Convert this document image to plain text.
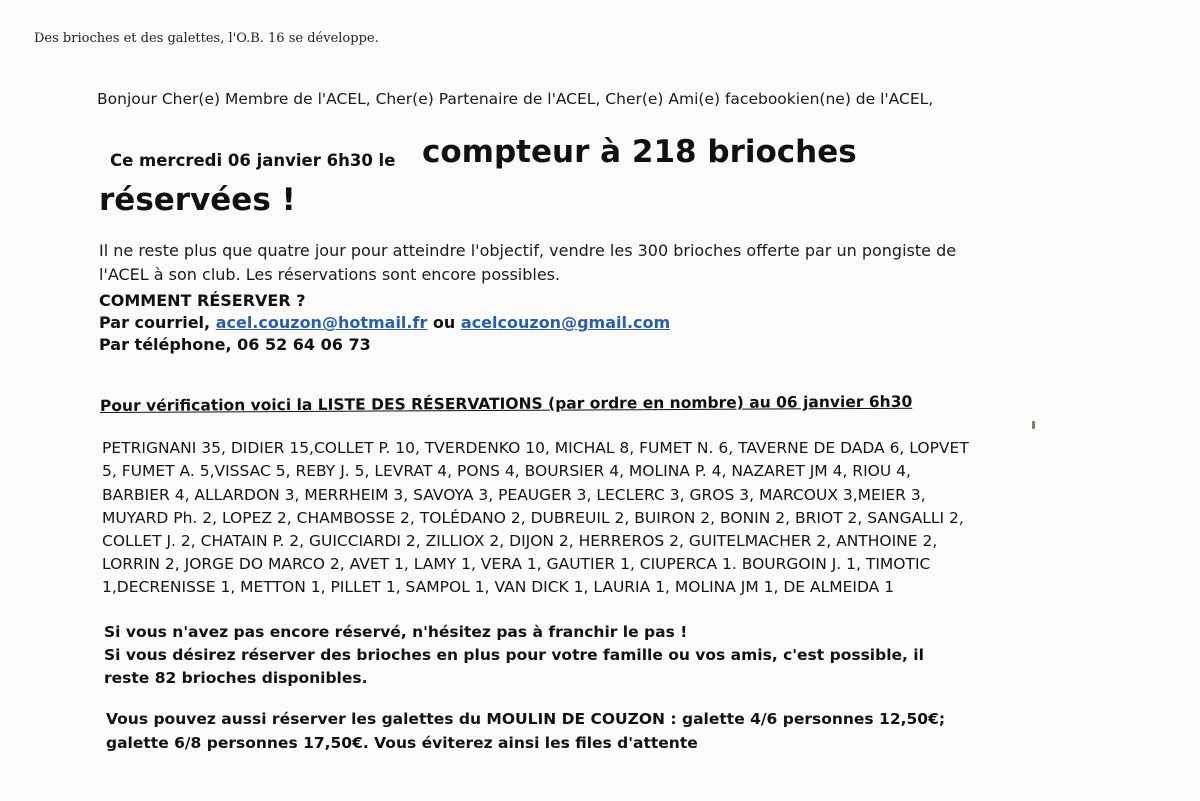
Des brioches et des galettes, l'O.B. 16 se développe.
Bonjour Cher(e) Membre de l'ACEL, Cher(e) Partenaire de l'ACEL, Cher(e) Ami(e) facebookien(ne) de l'ACEL,
Ce mercredi 06 janvier 6h30 le compteur à 218 brioches
réservées !
Il ne reste plus que quatre jour pour atteindre l'objectif, vendre les 300 brioches offerte par un pongiste de
l'ACEL à son club. Les réservations sont encore possibles.
COMMENT RÉSERVER ?
Par courriel, acel.couzon@hotmail.fr ou acelcouzon@gmail.com
Par téléphone, 06 52 64 06 73
Pour vérification voici la LISTE DES RÉSERVATIONS (par ordre en nombre) au 06 janvier 6h30
PETRIGNANI 35, DIDIER 15,COLLET P. 10, TVERDENKO 10, MICHAL 8, FUMET N. 6, TAVERNE DE DADA 6, LOPVET
5, FUMET A. 5,VISSAC 5, REBY J. 5, LEVRAT 4, PONS 4, BOURSIER 4, MOLINA P. 4, NAZARET JM 4, RIOU 4,
BARBIER 4, ALLARDON 3, MERRHEIM 3, SAVOYA 3, PEAUGER 3, LECLERC 3, GROS 3, MARCOUX 3,MEIER 3,
MUYARD Ph. 2, LOPEZ 2, CHAMBOSSE 2, TOLÉDANO 2, DUBREUIL 2, BUIRON 2, BONIN 2, BRIOT 2, SANGALLI 2,
COLLET J. 2, CHATAIN P. 2, GUICCIARDI 2, ZILLIOX 2, DIJON 2, HERREROS 2, GUITELMACHER 2, ANTHOINE 2,
LORRIN 2, JORGE DO MARCO 2, AVET 1, LAMY 1, VERA 1, GAUTIER 1, CIUPERCA 1. BOURGOIN J. 1, TIMOTIC
1,DECRENISSE 1, METTON 1, PILLET 1, SAMPOL 1, VAN DICK 1, LAURIA 1, MOLINA JM 1, DE ALMEIDA 1
Si vous n'avez pas encore réservé, n'hésitez pas à franchir le pas !
Si vous désirez réserver des brioches en plus pour votre famille ou vos amis, c'est possible, il
reste 82 brioches disponibles.
Vous pouvez aussi réserver les galettes du MOULIN DE COUZON : galette 4/6 personnes 12,50€;
galette 6/8 personnes 17,50€. Vous éviterez ainsi les files d'attente
